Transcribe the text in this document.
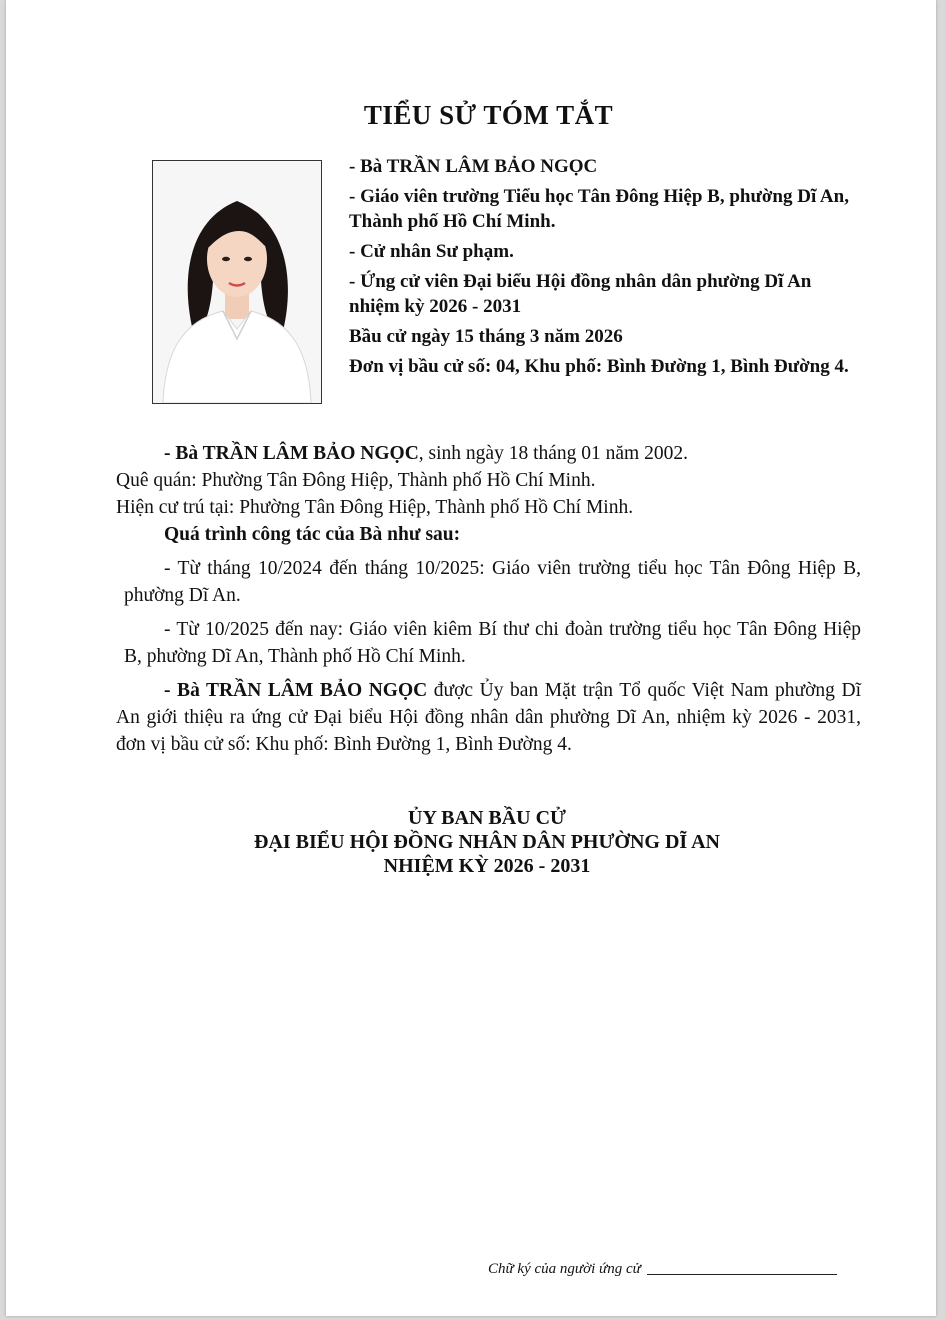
TIỂU SỬ TÓM TẮT

- Bà TRẦN LÂM BẢO NGỌC

- Giáo viên trường Tiểu học Tân Đông Hiệp B, phường Dĩ An, Thành phố Hồ Chí Minh.

- Cử nhân Sư phạm.

- Ứng cử viên Đại biểu Hội đồng nhân dân phường Dĩ An nhiệm kỳ 2026 - 2031

Bầu cử ngày 15 tháng 3 năm 2026

Đơn vị bầu cử số: 04, Khu phố: Bình Đường 1, Bình Đường 4.

- Bà TRẦN LÂM BẢO NGỌC, sinh ngày 18 tháng 01 năm 2002.

Quê quán: Phường Tân Đông Hiệp, Thành phố Hồ Chí Minh.

Hiện cư trú tại: Phường Tân Đông Hiệp, Thành phố Hồ Chí Minh.

Quá trình công tác của Bà như sau:

- Từ tháng 10/2024 đến tháng 10/2025: Giáo viên trường tiểu học Tân Đông Hiệp B, phường Dĩ An.

- Từ 10/2025 đến nay: Giáo viên kiêm Bí thư chi đoàn trường tiểu học Tân Đông Hiệp B, phường Dĩ An, Thành phố Hồ Chí Minh.

- Bà TRẦN LÂM BẢO NGỌC được Ủy ban Mặt trận Tổ quốc Việt Nam phường Dĩ An giới thiệu ra ứng cử Đại biểu Hội đồng nhân dân phường Dĩ An, nhiệm kỳ 2026 - 2031, đơn vị bầu cử số: Khu phố: Bình Đường 1, Bình Đường 4.

ỦY BAN BẦU CỬ
ĐẠI BIỂU HỘI ĐỒNG NHÂN DÂN PHƯỜNG DĨ AN
NHIỆM KỲ 2026 - 2031
Chữ ký của người ứng cử
